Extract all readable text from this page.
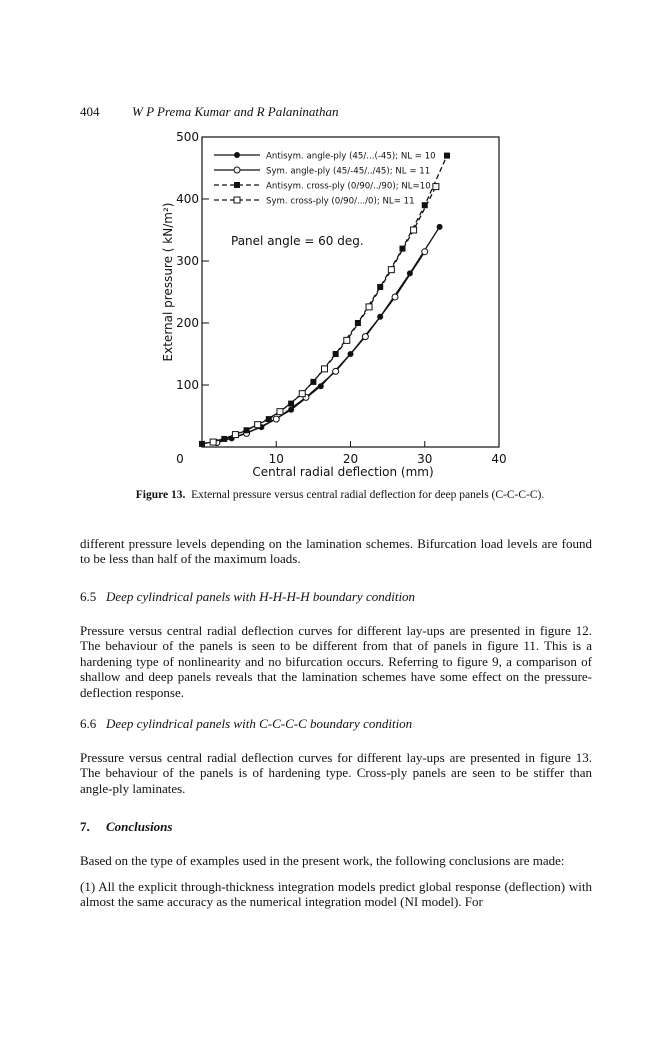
404	W P Prema Kumar and R Palaninathan
0	10	20	30	40
100
200
300
400
500
Antisym. angle-ply (45/...(-45); NL = 10
Sym. angle-ply (45/-45/../45); NL = 11
Antisym. cross-ply (0/90/../90); NL=10
Sym. cross-ply (0/90/.../0); NL= 11
Panel angle = 60 deg.
Central radial deflection (mm)
External pressure ( kN/m²)
Figure 13. External pressure versus central radial deflection for deep panels (C-C-C-C).
different pressure levels depending on the lamination schemes. Bifurcation load levels are found to be less than half of the maximum loads.
6.5 Deep cylindrical panels with H-H-H-H boundary condition
Pressure versus central radial deflection curves for different lay-ups are presented in figure 12. The behaviour of the panels is seen to be different from that of panels in figure 11. This is a hardening type of nonlinearity and no bifurcation occurs. Referring to figure 9, a comparison of shallow and deep panels reveals that the lamination schemes have some effect on the pressure-deflection response.
6.6 Deep cylindrical panels with C-C-C-C boundary condition
Pressure versus central radial deflection curves for different lay-ups are presented in figure 13. The behaviour of the panels is of hardening type. Cross-ply panels are seen to be stiffer than angle-ply laminates.
7. Conclusions
Based on the type of examples used in the present work, the following conclusions are made:
(1) All the explicit through-thickness integration models predict global response (deflection) with almost the same accuracy as the numerical integration model (NI model). For
